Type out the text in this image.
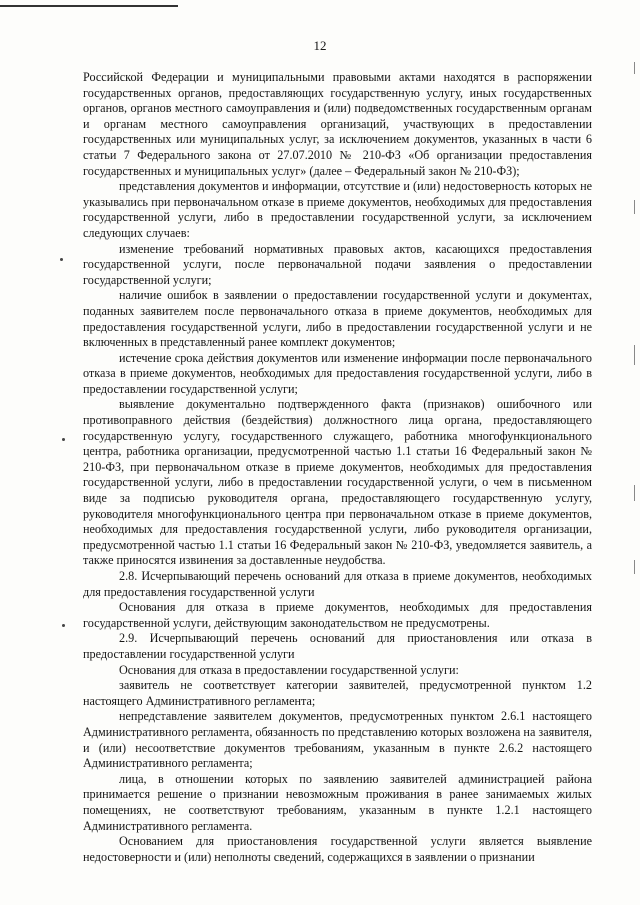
12

Российской Федерации и муниципальными правовыми актами находятся в распоряжении государственных органов, предоставляющих государственную услугу, иных государственных органов, органов местного самоуправления и (или) подведомственных государственным органам и органам местного самоуправления организаций, участвующих в предоставлении государственных или муниципальных услуг, за исключением документов, указанных в части 6 статьи 7 Федерального закона от 27.07.2010 № 210-ФЗ «Об организации предоставления государственных и муниципальных услуг» (далее – Федеральный закон № 210-ФЗ);

представления документов и информации, отсутствие и (или) недостоверность которых не указывались при первоначальном отказе в приеме документов, необходимых для предоставления государственной услуги, либо в предоставлении государственной услуги, за исключением следующих случаев:

изменение требований нормативных правовых актов, касающихся предоставления государственной услуги, после первоначальной подачи заявления о предоставлении государственной услуги;

наличие ошибок в заявлении о предоставлении государственной услуги и документах, поданных заявителем после первоначального отказа в приеме документов, необходимых для предоставления государственной услуги, либо в предоставлении государственной услуги и не включенных в представленный ранее комплект документов;

истечение срока действия документов или изменение информации после первоначального отказа в приеме документов, необходимых для предоставления государственной услуги, либо в предоставлении государственной услуги;

выявление документально подтвержденного факта (признаков) ошибочного или противоправного действия (бездействия) должностного лица органа, предоставляющего государственную услугу, государственного служащего, работника многофункционального центра, работника организации, предусмотренной частью 1.1 статьи 16 Федеральный закон № 210-ФЗ, при первоначальном отказе в приеме документов, необходимых для предоставления государственной услуги, либо в предоставлении государственной услуги, о чем в письменном виде за подписью руководителя органа, предоставляющего государственную услугу, руководителя многофункционального центра при первоначальном отказе в приеме документов, необходимых для предоставления государственной услуги, либо руководителя организации, предусмотренной частью 1.1 статьи 16 Федеральный закон № 210-ФЗ, уведомляется заявитель, а также приносятся извинения за доставленные неудобства.

2.8. Исчерпывающий перечень оснований для отказа в приеме документов, необходимых для предоставления государственной услуги

Основания для отказа в приеме документов, необходимых для предоставления государственной услуги, действующим законодательством не предусмотрены.

2.9. Исчерпывающий перечень оснований для приостановления или отказа в предоставлении государственной услуги

Основания для отказа в предоставлении государственной услуги:

заявитель не соответствует категории заявителей, предусмотренной пунктом 1.2 настоящего Административного регламента;

непредставление заявителем документов, предусмотренных пунктом 2.6.1 настоящего Административного регламента, обязанность по представлению которых возложена на заявителя, и (или) несоответствие документов требованиям, указанным в пункте 2.6.2 настоящего Административного регламента;

лица, в отношении которых по заявлению заявителей администрацией района принимается решение о признании невозможным проживания в ранее занимаемых жилых помещениях, не соответствуют требованиям, указанным в пункте 1.2.1 настоящего Административного регламента.

Основанием для приостановления государственной услуги является выявление недостоверности и (или) неполноты сведений, содержащихся в заявлении о признании
